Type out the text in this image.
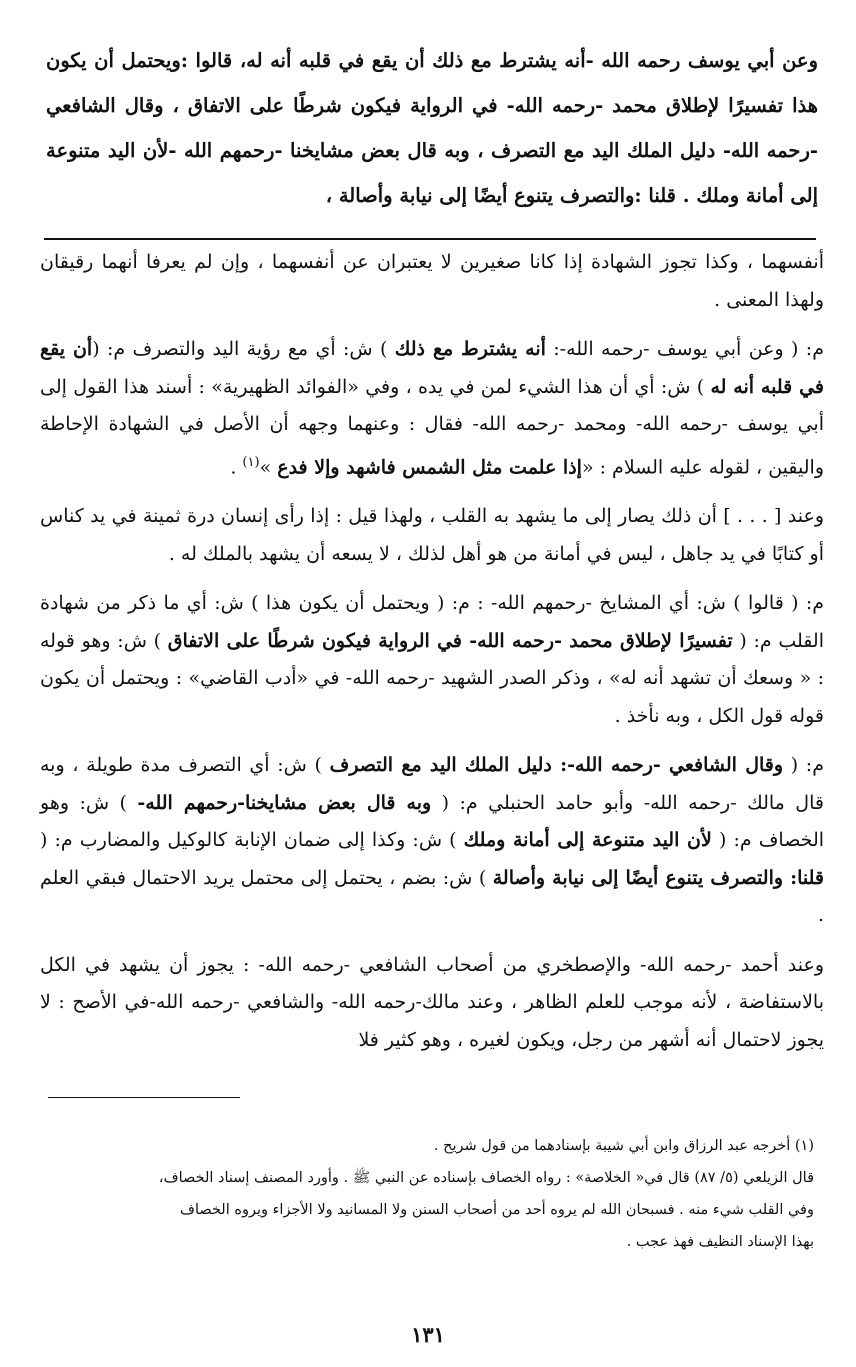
وعن أبي يوسف رحمه الله -أنه يشترط مع ذلك أن يقع في قلبه أنه له، قالوا :ويحتمل أن يكون هذا تفسيرًا لإطلاق محمد -رحمه الله- في الرواية فيكون شرطًا على الاتفاق ، وقال الشافعي -رحمه الله- دليل الملك اليد مع التصرف ، وبه قال بعض مشايخنا -رحمهم الله -لأن اليد متنوعة إلى أمانة وملك . قلنا :والتصرف يتنوع أيضًا إلى نيابة وأصالة ،

أنفسهما ، وكذا تجوز الشهادة إذا كانا صغيرين لا يعتبران عن أنفسهما ، وإن لم يعرفا أنهما رقيقان ولهذا المعنى .

م: ( وعن أبي يوسف -رحمه الله-: أنه يشترط مع ذلك ) ش: أي مع رؤية اليد والتصرف م: (أن يقع في قلبه أنه له ) ش: أي أن هذا الشيء لمن في يده ، وفي «الفوائد الظهيرية» : أسند هذا القول إلى أبي يوسف -رحمه الله- ومحمد -رحمه الله- فقال : وعنهما وجهه أن الأصل في الشهادة الإحاطة واليقين ، لقوله عليه السلام : «إذا علمت مثل الشمس فاشهد وإلا فدع »$^{(١)}$ .

وعند [ . . . ] أن ذلك يصار إلى ما يشهد به القلب ، ولهذا قيل : إذا رأى إنسان درة ثمينة في يد كناس أو كتابًا في يد جاهل ، ليس في أمانة من هو أهل لذلك ، لا يسعه أن يشهد بالملك له .

م: ( قالوا ) ش: أي المشايخ -رحمهم الله- : م: ( ويحتمل أن يكون هذا ) ش: أي ما ذكر من شهادة القلب م: ( تفسيرًا لإطلاق محمد -رحمه الله- في الرواية فيكون شرطًا على الاتفاق ) ش: وهو قوله : « وسعك أن تشهد أنه له» ، وذكر الصدر الشهيد -رحمه الله- في «أدب القاضي» : ويحتمل أن يكون قوله قول الكل ، وبه نأخذ .

م: ( وقال الشافعي -رحمه الله-: دليل الملك اليد مع التصرف ) ش: أي التصرف مدة طويلة ، وبه قال مالك -رحمه الله- وأبو حامد الحنبلي م: ( وبه قال بعض مشايخنا-رحمهم الله- ) ش: وهو الخصاف م: ( لأن اليد متنوعة إلى أمانة وملك ) ش: وكذا إلى ضمان الإنابة كالوكيل والمضارب م: ( قلنا: والتصرف يتنوع أيضًا إلى نيابة وأصالة ) ش: بضم ، يحتمل إلى محتمل يريد الاحتمال فبقي العلم .

وعند أحمد -رحمه الله- والإصطخري من أصحاب الشافعي -رحمه الله- : يجوز أن يشهد في الكل بالاستفاضة ، لأنه موجب للعلم الظاهر ، وعند مالك-رحمه الله- والشافعي -رحمه الله-في الأصح : لا يجوز لاحتمال أنه أشهر من رجل، ويكون لغيره ، وهو كثير فلا

(١) أخرجه عبد الرزاق وابن أبي شيبة بإسنادهما من قول شريح .

قال الزيلعي (٥/ ٨٧) قال في« الخلاصة» : رواه الخصاف بإسناده عن النبي ﷺ . وأورد المصنف إسناد الخصاف،

وفي القلب شيء منه . فسبحان الله لم يروه أحد من أصحاب السنن ولا المسانيد ولا الأجزاء ويروه الخصاف

بهذا الإسناد النظيف فهذ عجب .

١٣١
